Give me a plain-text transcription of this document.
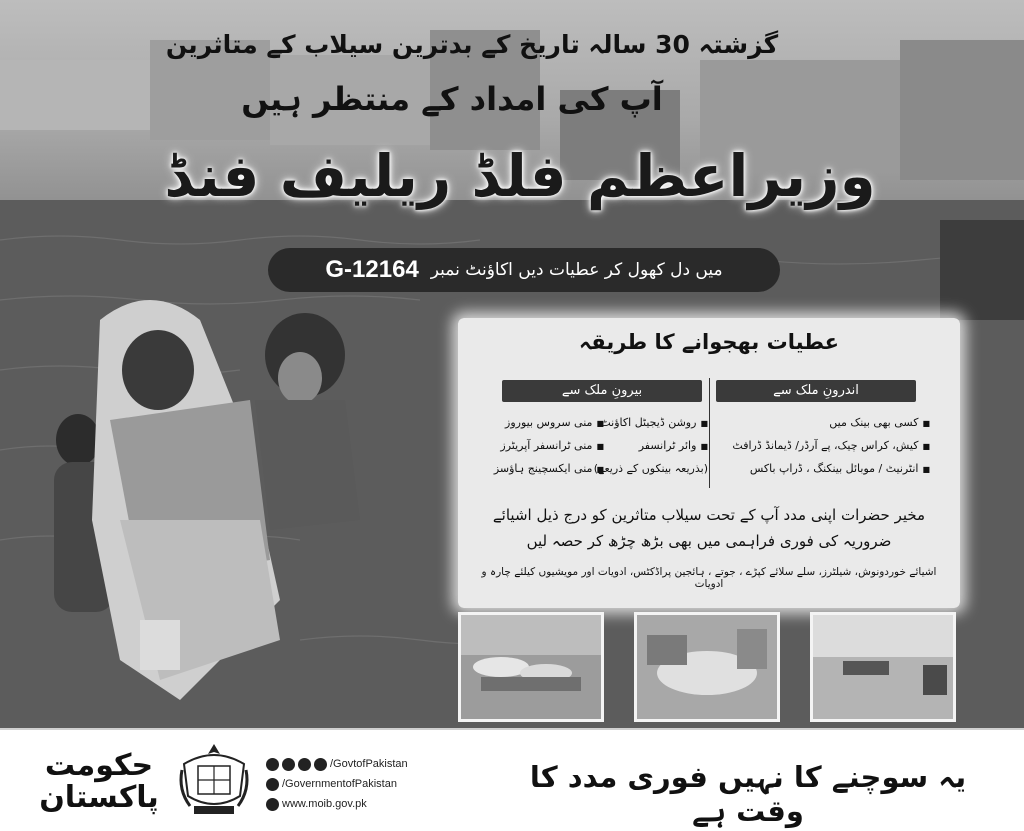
گزشتہ 30 سالہ تاریخ کے بدترین سیلاب کے متاثرین
آپ کی امداد کے منتظر ہیں
وزیراعظم فلڈ ریلیف فنڈ
میں دل کھول کر عطیات دیں اکاؤنٹ نمبر
G-12164
عطیات بھجوانے کا طریقہ
اندرونِ ملک سے
بیرونِ ملک سے
■ کسی بھی بینک میں
■ کیش، کراس چیک، پے آرڈر/ ڈیمانڈ ڈرافٹ
■ انٹرنیٹ / موبائل بینکنگ ، ڈراپ باکس
■ روشن ڈیجیٹل اکاؤنٹ
■ وائر ٹرانسفر
(بذریعہ بینکوں کے ذریعے)
■ منی سروس بیوروز
■ منی ٹرانسفر آپریٹرز
■ منی ایکسچینج ہاؤسز
مخیر حضرات اپنی مدد آپ کے تحت سیلاب متاثرین کو درج ذیل اشیائے ضروریہ کی فوری فراہمی میں بھی بڑھ چڑھ کر حصہ لیں
اشیائے خوردونوش، شیلٹرز، سلے سلائے کپڑے ، جوتے ، ہائجین پراڈکٹس، ادویات اور مویشیوں کیلئے چارہ و ادویات
حکومت
پاکستان
/GovtofPakistan
/GovernmentofPakistan
www.moib.gov.pk
یہ سوچنے کا نہیں فوری مدد کا وقت ہے
